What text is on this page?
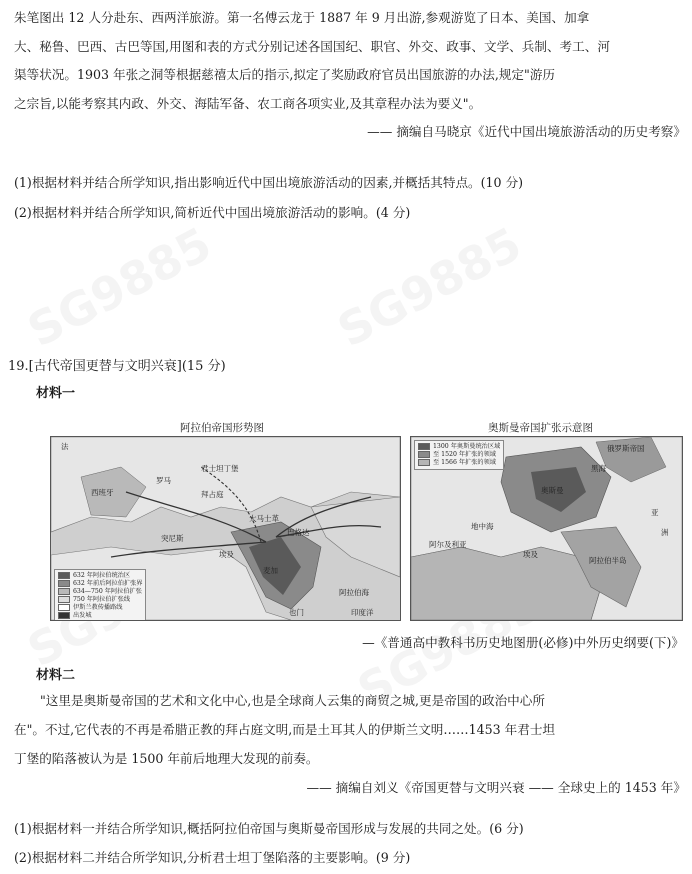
朱笔图出 12 人分赴东、西两洋旅游。第一名傅云龙于 1887 年 9 月出游,参观游览了日本、美国、加拿
大、秘鲁、巴西、古巴等国,用图和表的方式分别记述各国国纪、职官、外交、政事、文学、兵制、考工、河
渠等状况。1903 年张之洞等根据慈禧太后的指示,拟定了奖励政府官员出国旅游的办法,规定"游历
之宗旨,以能考察其内政、外交、海陆军备、农工商各项实业,及其章程办法为要义"。
—— 摘编自马晓京《近代中国出境旅游活动的历史考察》
(1)根据材料并结合所学知识,指出影响近代中国出境旅游活动的因素,并概括其特点。(10 分)
(2)根据材料并结合所学知识,简析近代中国出境旅游活动的影响。(4 分)
19.[古代帝国更替与文明兴衰](15 分)
材料一
法
西班牙
罗马
君士坦丁堡
大马士革
巴格达
麦加
也门
埃及
突尼斯
阿拉伯海
印度洋
拜占庭
632 年阿拉伯统治区
632 年前后阿拉伯扩张界
634—750 年阿拉伯扩张
750 年阿拉伯扩张线
伊斯兰教传播路线
出发城
阿拉伯帝国形势图
俄罗斯帝国
奥斯曼
阿拉伯半岛
地中海
黑海
阿尔及利亚
埃及
亚
洲
1300 年奥斯曼统治区域
至 1520 年扩张的领域
至 1566 年扩张的领域
奥斯曼帝国扩张示意图
—《普通高中教科书历史地图册(必修)中外历史纲要(下)》
材料二
"这里是奥斯曼帝国的艺术和文化中心,也是全球商人云集的商贸之城,更是帝国的政治中心所
在"。不过,它代表的不再是希腊正教的拜占庭文明,而是土耳其人的伊斯兰文明……1453 年君士坦
丁堡的陷落被认为是 1500 年前后地理大发现的前奏。
—— 摘编自刘义《帝国更替与文明兴衰 —— 全球史上的 1453 年》
(1)根据材料一并结合所学知识,概括阿拉伯帝国与奥斯曼帝国形成与发展的共同之处。(6 分)
(2)根据材料二并结合所学知识,分析君士坦丁堡陷落的主要影响。(9 分)
